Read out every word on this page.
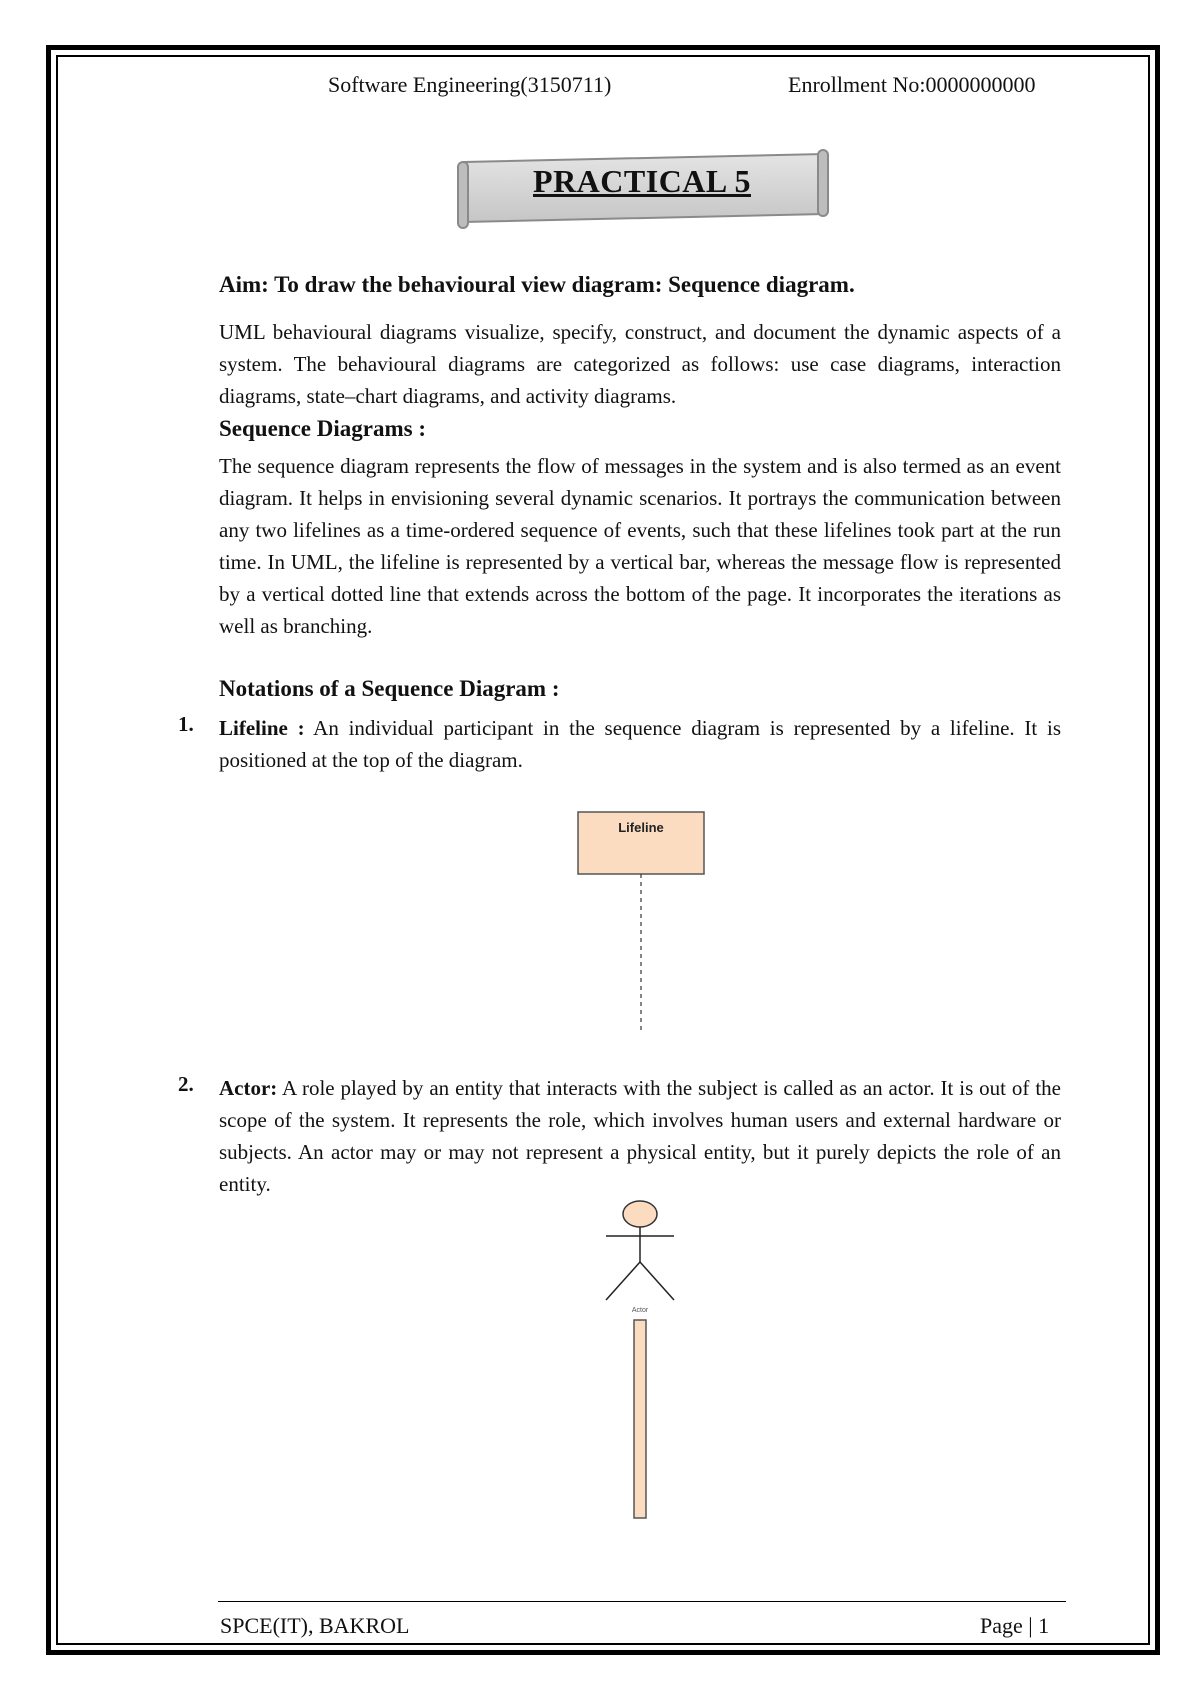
Software Engineering(3150711)	Enrollment No:0000000000
PRACTICAL 5
Aim: To draw the behavioural view diagram: Sequence diagram.

UML behavioural diagrams visualize, specify, construct, and document the dynamic aspects of a system. The behavioural diagrams are categorized as follows: use case diagrams, interaction diagrams, state–chart diagrams, and activity diagrams.

Sequence Diagrams :

The sequence diagram represents the flow of messages in the system and is also termed as an event diagram. It helps in envisioning several dynamic scenarios. It portrays the communication between any two lifelines as a time-ordered sequence of events, such that these lifelines took part at the run time. In UML, the lifeline is represented by a vertical bar, whereas the message flow is represented by a vertical dotted line that extends across the bottom of the page. It incorporates the iterations as well as branching.

Notations of a Sequence Diagram :
1. Lifeline : An individual participant in the sequence diagram is represented by a lifeline. It is positioned at the top of the diagram.

Lifeline
2. Actor: A role played by an entity that interacts with the subject is called as an actor. It is out of the scope of the system. It represents the role, which involves human users and external hardware or subjects. An actor may or may not represent a physical entity, but it purely depicts the role of an entity.

Actor
SPCE(IT), BAKROL	Page | 1
